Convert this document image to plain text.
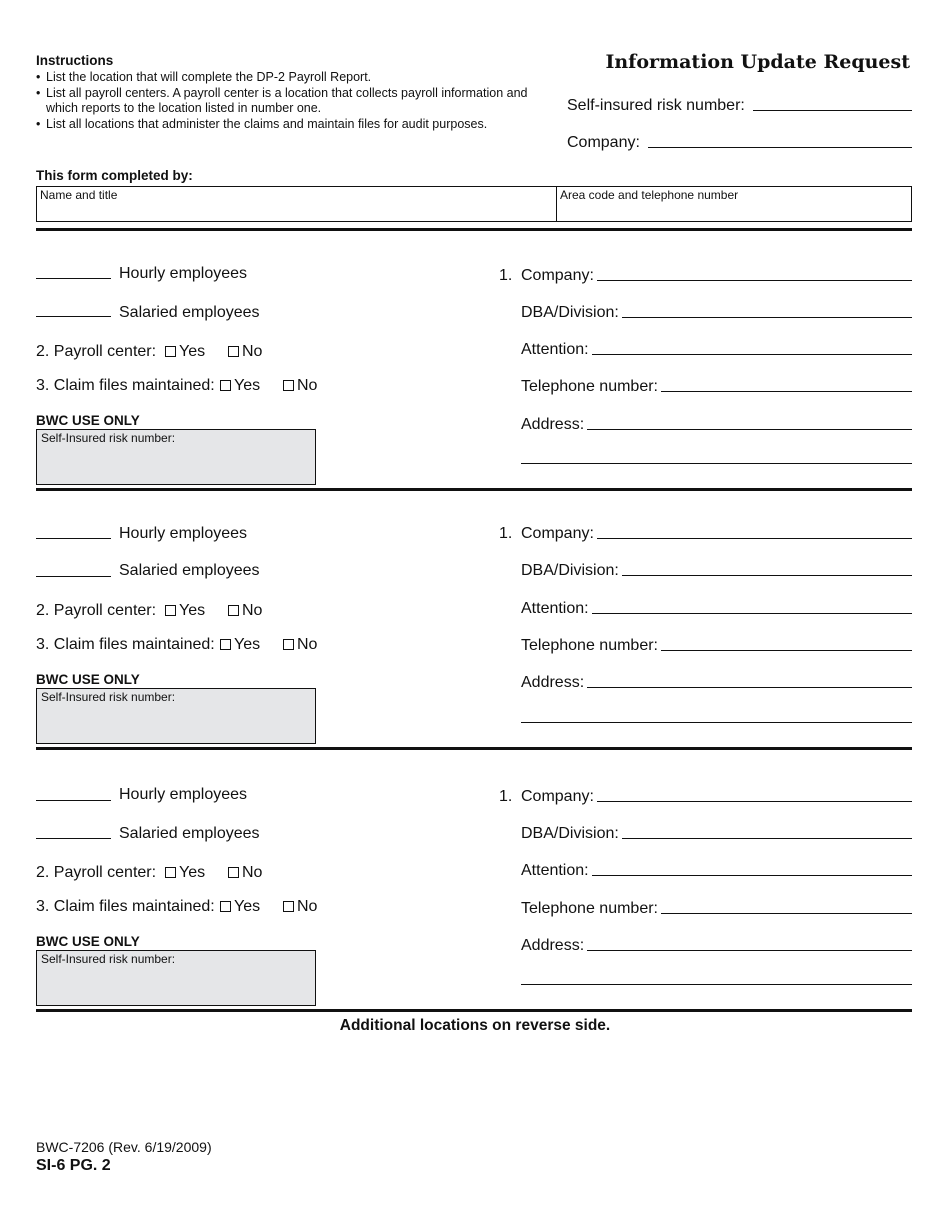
Instructions
• List the location that will complete the DP-2 Payroll Report.
• List all payroll centers. A payroll center is a location that collects payroll information and which reports to the location listed in number one.
• List all locations that administer the claims and maintain files for audit purposes.
Information Update Request
Self-insured risk number:
Company:
This form completed by:
Name and title	Area code and telephone number
Hourly employees
Salaried employees
2. Payroll center:	Yes	No
3. Claim files maintained:	Yes	No
BWC USE ONLY
Self-Insured risk number:
1. Company:
DBA/Division:
Attention:
Telephone number:
Address:
Hourly employees
Salaried employees
2. Payroll center:	Yes	No
3. Claim files maintained:	Yes	No
BWC USE ONLY
Self-Insured risk number:
1. Company:
DBA/Division:
Attention:
Telephone number:
Address:
Hourly employees
Salaried employees
2. Payroll center:	Yes	No
3. Claim files maintained:	Yes	No
BWC USE ONLY
Self-Insured risk number:
1. Company:
DBA/Division:
Attention:
Telephone number:
Address:
Additional locations on reverse side.
BWC-7206 (Rev. 6/19/2009)
SI-6 PG. 2
